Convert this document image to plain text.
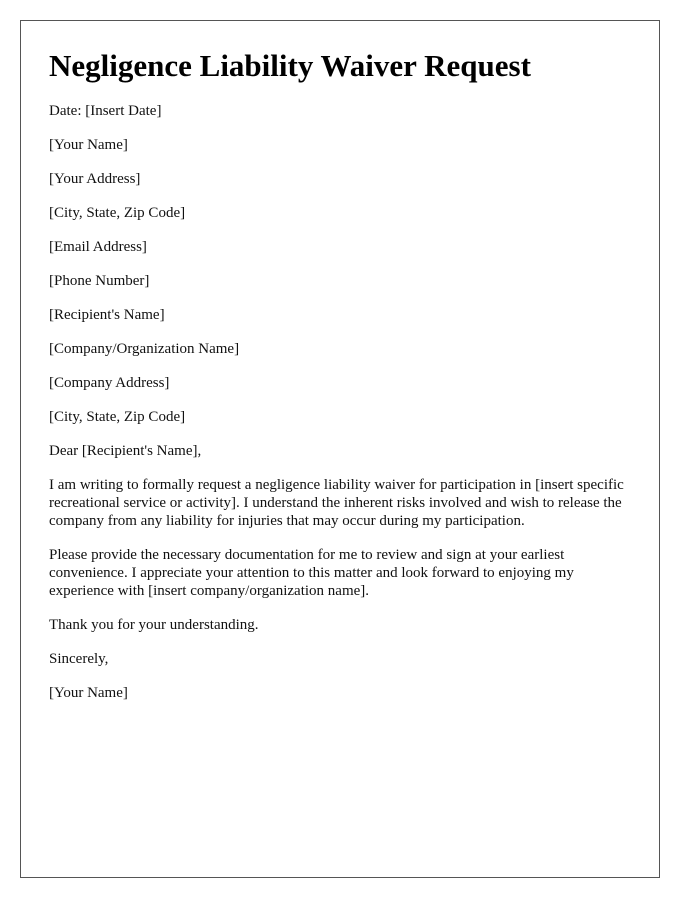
Negligence Liability Waiver Request

Date: [Insert Date]

[Your Name]

[Your Address]

[City, State, Zip Code]

[Email Address]

[Phone Number]

[Recipient's Name]

[Company/Organization Name]

[Company Address]

[City, State, Zip Code]

Dear [Recipient's Name],

I am writing to formally request a negligence liability waiver for participation in [insert specific recreational service or activity]. I understand the inherent risks involved and wish to release the company from any liability for injuries that may occur during my participation.

Please provide the necessary documentation for me to review and sign at your earliest convenience. I appreciate your attention to this matter and look forward to enjoying my experience with [insert company/organization name].

Thank you for your understanding.

Sincerely,

[Your Name]
